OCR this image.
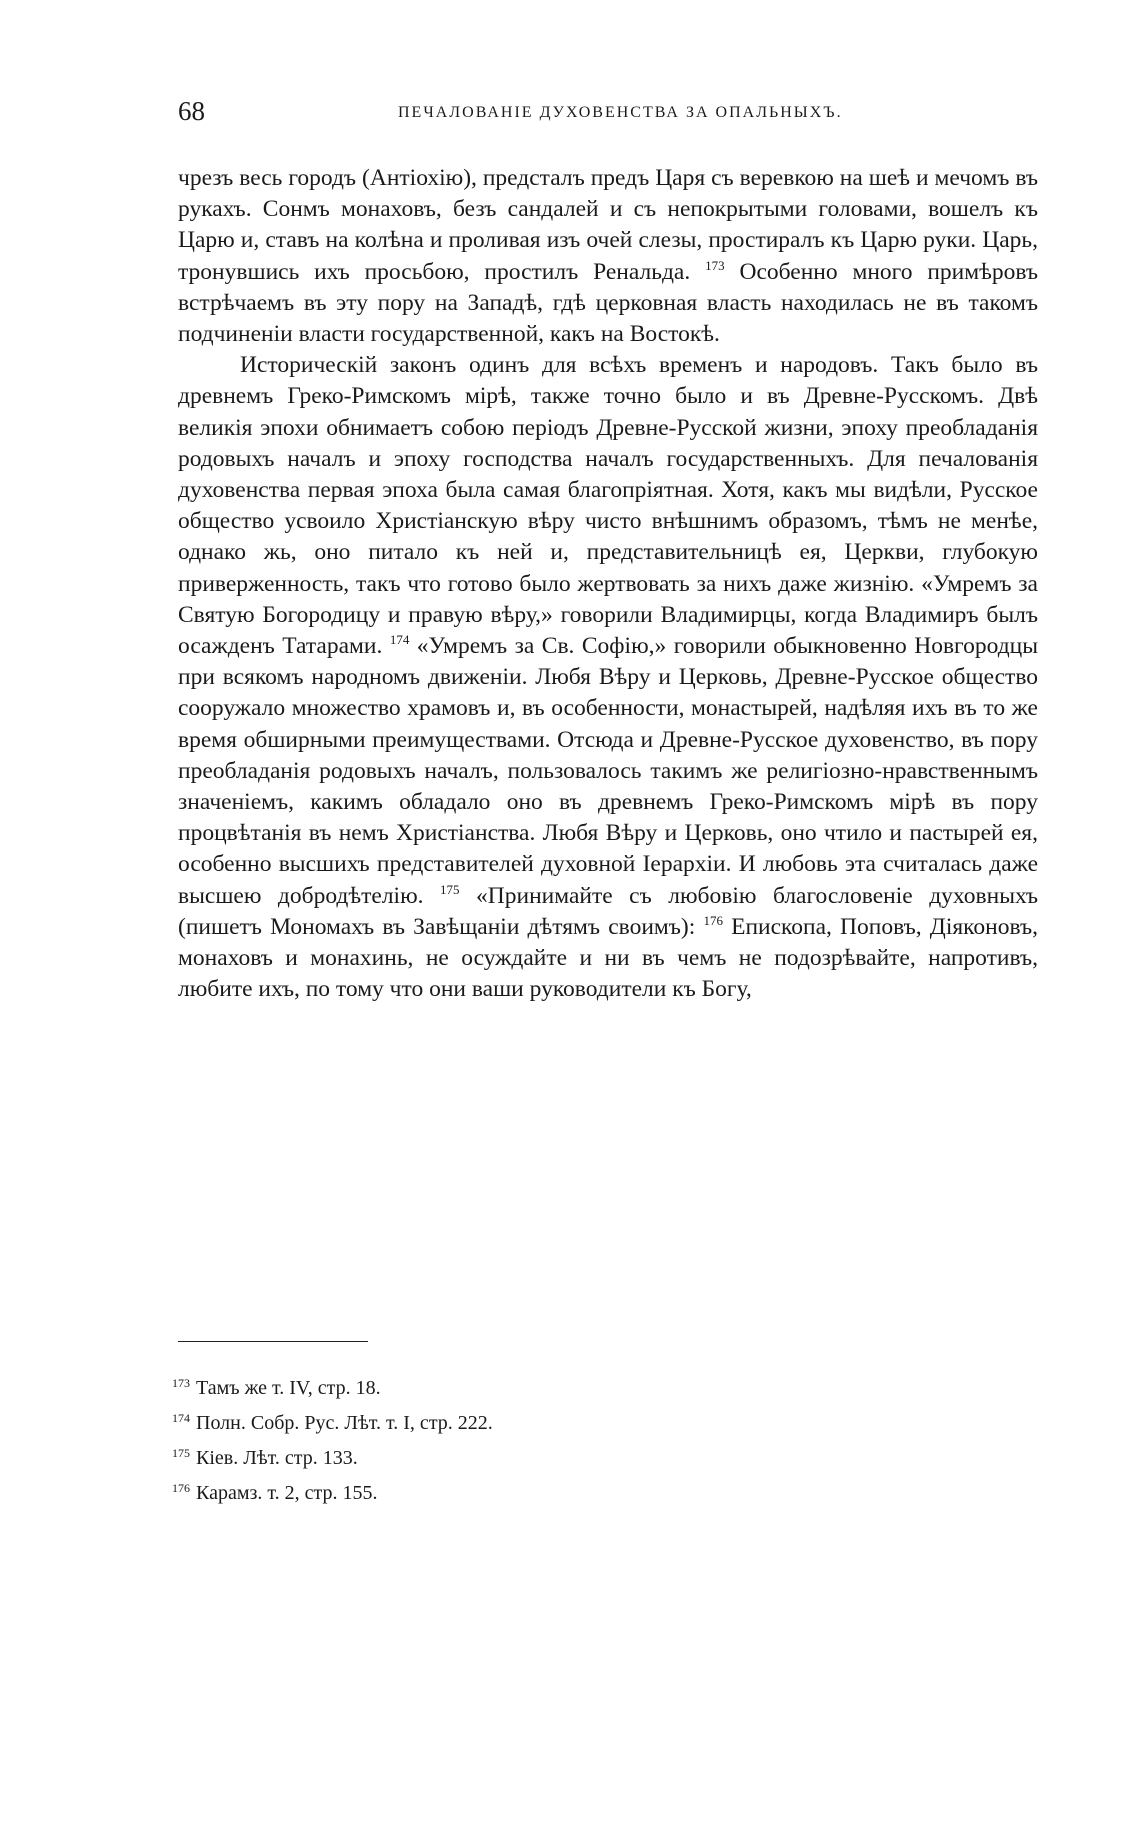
68	ПЕЧАЛОВАНІЕ ДУХОВЕНСТВА ЗА ОПАЛЬНЫХЪ.

чрезъ весь городъ (Антіохію), предсталъ предъ Царя съ веревкою на шеѣ и мечомъ въ рукахъ. Сонмъ монаховъ, безъ сандалей и съ непокрытыми головами, вошелъ къ Царю и, ставъ на колѣна и проливая изъ очей слезы, простиралъ къ Царю руки. Царь, тронувшись ихъ просьбою, простилъ Ренальда. $^{173}$ Особенно много примѣровъ встрѣчаемъ въ эту пору на Западѣ, гдѣ церковная власть находилась не въ такомъ подчиненіи власти государственной, какъ на Востокѣ.

Историческій законъ одинъ для всѣхъ временъ и народовъ. Такъ было въ древнемъ Греко-Римскомъ мірѣ, также точно было и въ Древне-Русскомъ. Двѣ великія эпохи обнимаетъ собою періодъ Древне-Русской жизни, эпоху преобладанія родовыхъ началъ и эпоху господства началъ государственныхъ. Для печалованія духовенства первая эпоха была самая благопріятная. Хотя, какъ мы видѣли, Русское общество усвоило Христіанскую вѣру чисто внѣшнимъ образомъ, тѣмъ не менѣе, однако жь, оно питало къ ней и, представительницѣ ея, Церкви, глубокую приверженность, такъ что готово было жертвовать за нихъ даже жизнію. «Умремъ за Святую Богородицу и правую вѣру,» говорили Владимирцы, когда Владимиръ былъ осажденъ Татарами. $^{174}$ «Умремъ за Св. Софію,» говорили обыкновенно Новгородцы при всякомъ народномъ движеніи. Любя Вѣру и Церковь, Древне-Русское общество сооружало множество храмовъ и, въ особенности, монастырей, надѣляя ихъ въ то же время обширными преимуществами. Отсюда и Древне-Русское духовенство, въ пору преобладанія родовыхъ началъ, пользовалось такимъ же религіозно-нравственнымъ значеніемъ, какимъ обладало оно въ древнемъ Греко-Римскомъ мірѣ въ пору процвѣтанія въ немъ Христіанства. Любя Вѣру и Церковь, оно чтило и пастырей ея, особенно высшихъ представителей духовной Іерархіи. И любовь эта считалась даже высшею добродѣтелію. $^{175}$ «Принимайте съ любовію благословеніе духовныхъ (пишетъ Мономахъ въ Завѣщаніи дѣтямъ своимъ): $^{176}$ Епископа, Поповъ, Діяконовъ, монаховъ и монахинь, не осуждайте и ни въ чемъ не подозрѣвайте, напротивъ, любите ихъ, по тому что они ваши руководители къ Богу,

$^{173}$ Тамъ же т. IV, стр. 18.
$^{174}$ Полн. Собр. Рус. Лѣт. т. I, стр. 222.
$^{175}$ Кіев. Лѣт. стр. 133.
$^{176}$ Карамз. т. 2, стр. 155.
